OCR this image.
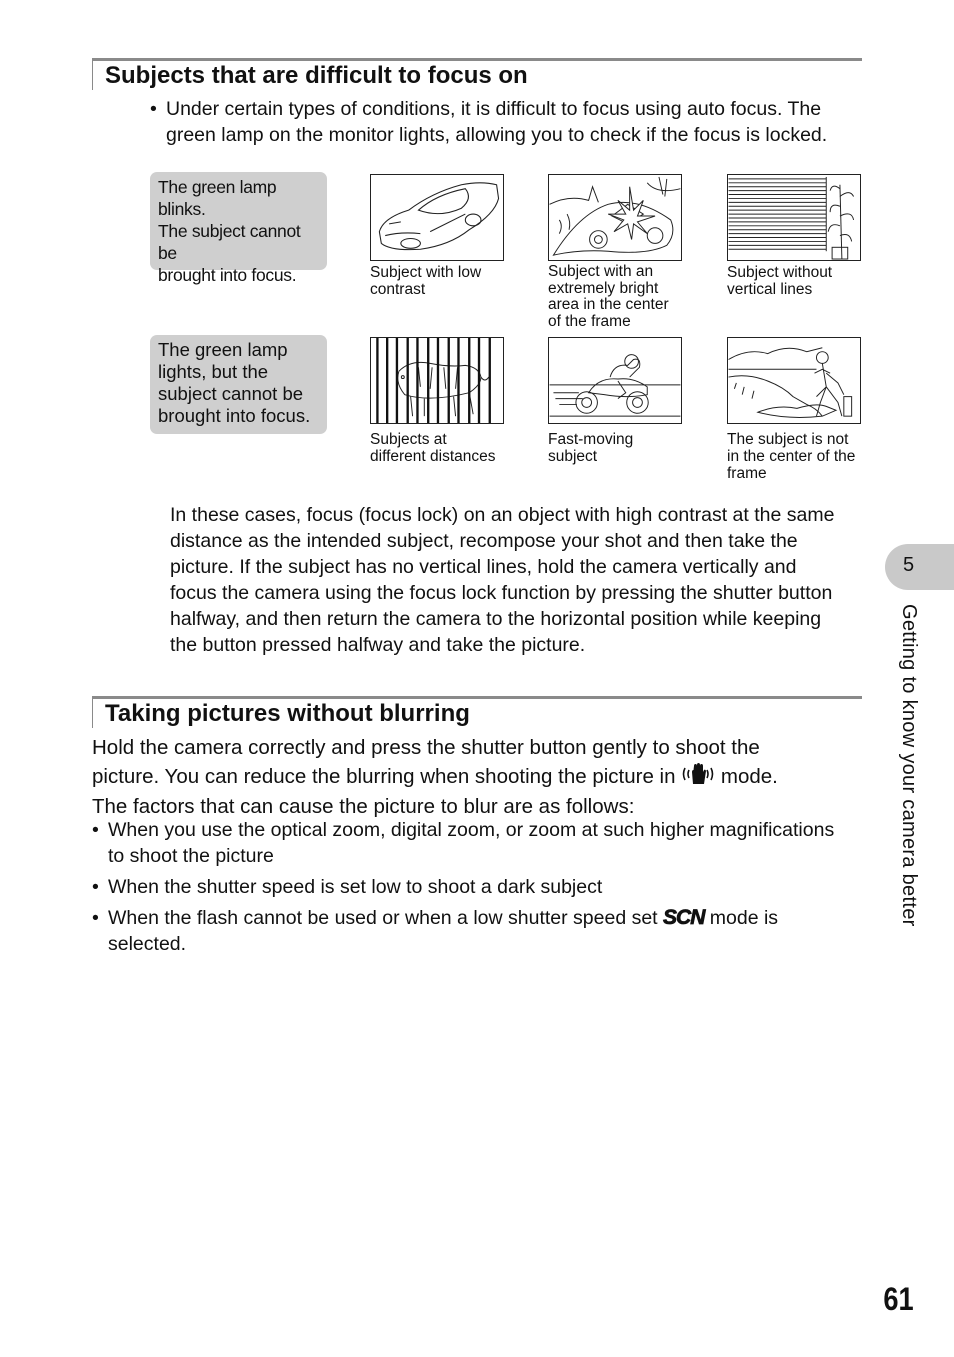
Subjects that are difficult to focus on
• Under certain types of conditions, it is difficult to focus using auto focus. The green lamp on the monitor lights, allowing you to check if the focus is locked.
The green lamp
blinks.
The subject cannot be
brought into focus.
The green lamp
lights, but the
subject cannot be
brought into focus.
Subject with low
contrast
Subject with an
extremely bright
area in the center
of the frame
Subject without
vertical lines
Subjects at
different distances
Fast-moving
subject
The subject is not
in the center of the
frame
In these cases, focus (focus lock) on an object with high contrast at the same
distance as the intended subject, recompose your shot and then take the
picture. If the subject has no vertical lines, hold the camera vertically and
focus the camera using the focus lock function by pressing the shutter button
halfway, and then return the camera to the horizontal position while keeping
the button pressed halfway and take the picture.
Taking pictures without blurring
Hold the camera correctly and press the shutter button gently to shoot the
picture. You can reduce the blurring when shooting the picture in mode.
The factors that can cause the picture to blur are as follows:
• When you use the optical zoom, digital zoom, or zoom at such higher magnifications
to shoot the picture
• When the shutter speed is set low to shoot a dark subject
• When the flash cannot be used or when a low shutter speed set SCN mode is
selected.
5
Getting to know your camera better
61
